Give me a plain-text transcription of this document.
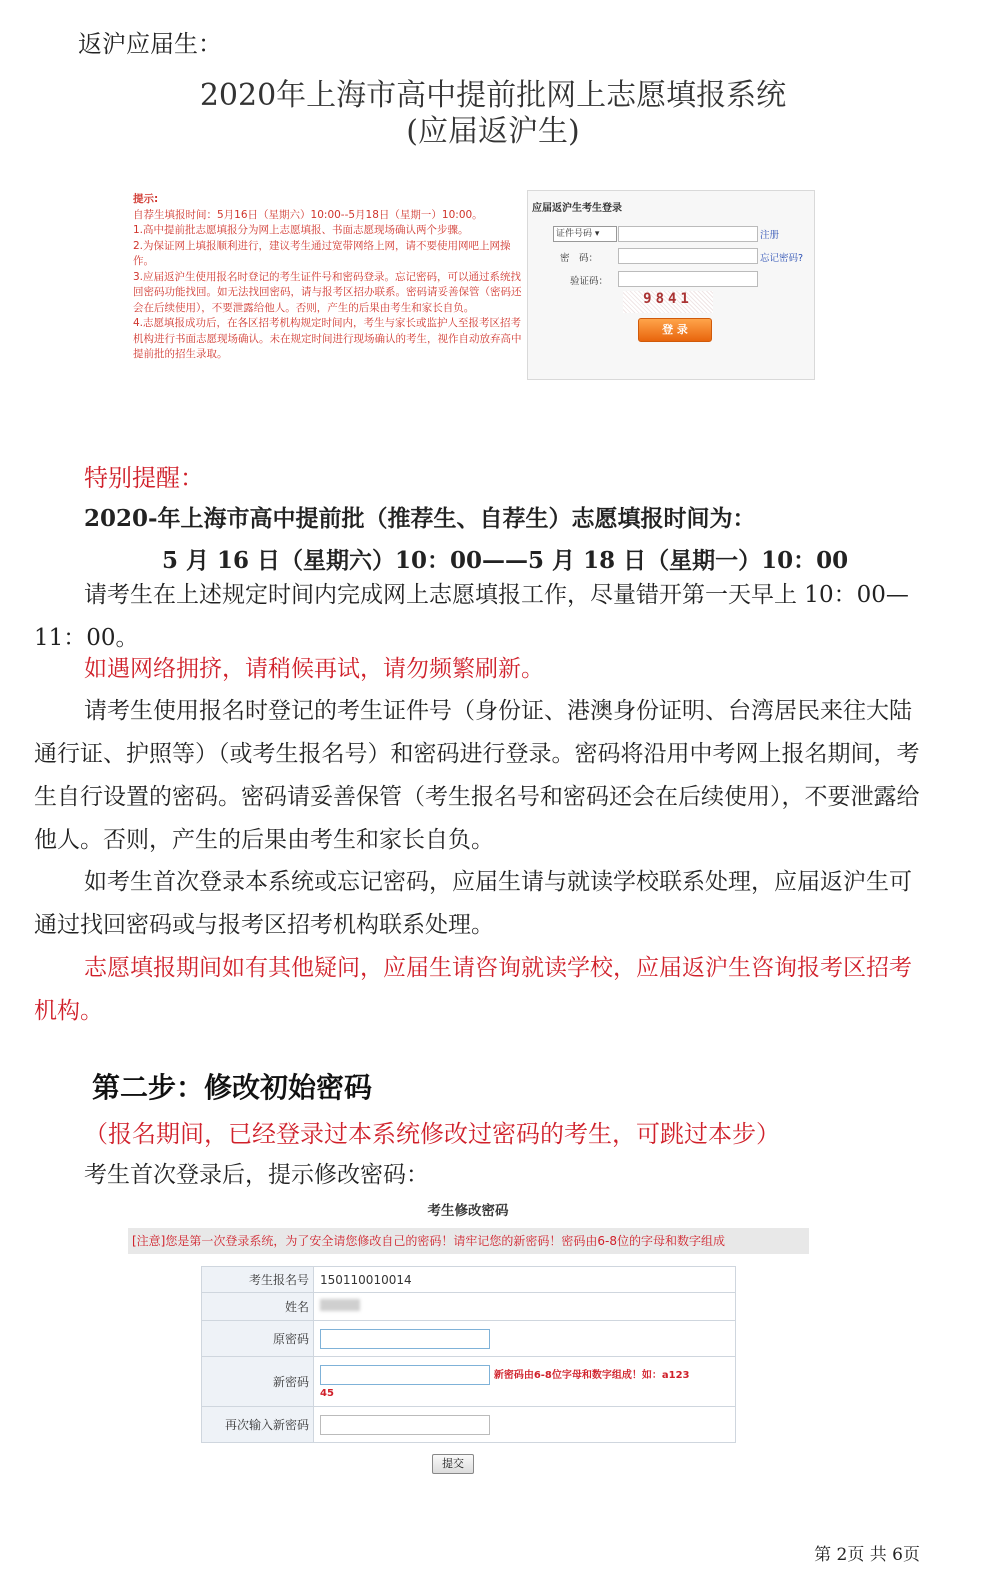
返沪应届生：
2020年上海市高中提前批网上志愿填报系统
(应届返沪生)
提示:
自荐生填报时间：5月16日（星期六）10:00--5月18日（星期一）10:00。
1.高中提前批志愿填报分为网上志愿填报、书面志愿现场确认两个步骤。
2.为保证网上填报顺利进行，建议考生通过宽带网络上网，请不要使用网吧上网操作。
3.应届返沪生使用报名时登记的考生证件号和密码登录。忘记密码，可以通过系统找回密码功能找回。如无法找回密码，请与报考区招办联系。密码请妥善保管（密码还会在后续使用），不要泄露给他人。否则，产生的后果由考生和家长自负。
4.志愿填报成功后，在各区招考机构规定时间内，考生与家长或监护人至报考区招考机构进行书面志愿现场确认。未在规定时间进行现场确认的考生，视作自动放弃高中提前批的招生录取。
应届返沪生考生登录
证件号码 ▾	注册
密　码：	忘记密码?
验证码：
9841
登 录
特别提醒：
2020-年上海市高中提前批（推荐生、自荐生）志愿填报时间为：
5 月 16 日（星期六）10：00——5 月 18 日（星期一）10：00
请考生在上述规定时间内完成网上志愿填报工作，尽量错开第一天早上 10：00—11：00。
如遇网络拥挤，请稍候再试，请勿频繁刷新。
请考生使用报名时登记的考生证件号（身份证、港澳身份证明、台湾居民来往大陆通行证、护照等）（或考生报名号）和密码进行登录。密码将沿用中考网上报名期间，考生自行设置的密码。密码请妥善保管（考生报名号和密码还会在后续使用），不要泄露给他人。否则，产生的后果由考生和家长自负。
如考生首次登录本系统或忘记密码，应届生请与就读学校联系处理，应届返沪生可通过找回密码或与报考区招考机构联系处理。
志愿填报期间如有其他疑问，应届生请咨询就读学校，应届返沪生咨询报考区招考机构。
第二步：修改初始密码
（报名期间，已经登录过本系统修改过密码的考生，可跳过本步）
考生首次登录后，提示修改密码：
考生修改密码
[注意]您是第一次登录系统，为了安全请您修改自己的密码！请牢记您的新密码！密码由6-8位的字母和数字组成
考生报名号	150110010014
姓名	
原密码	
新密码	新密码由6-8位字母和数字组成！如：a123
45
再次输入新密码	
提交
第 2页 共 6页
